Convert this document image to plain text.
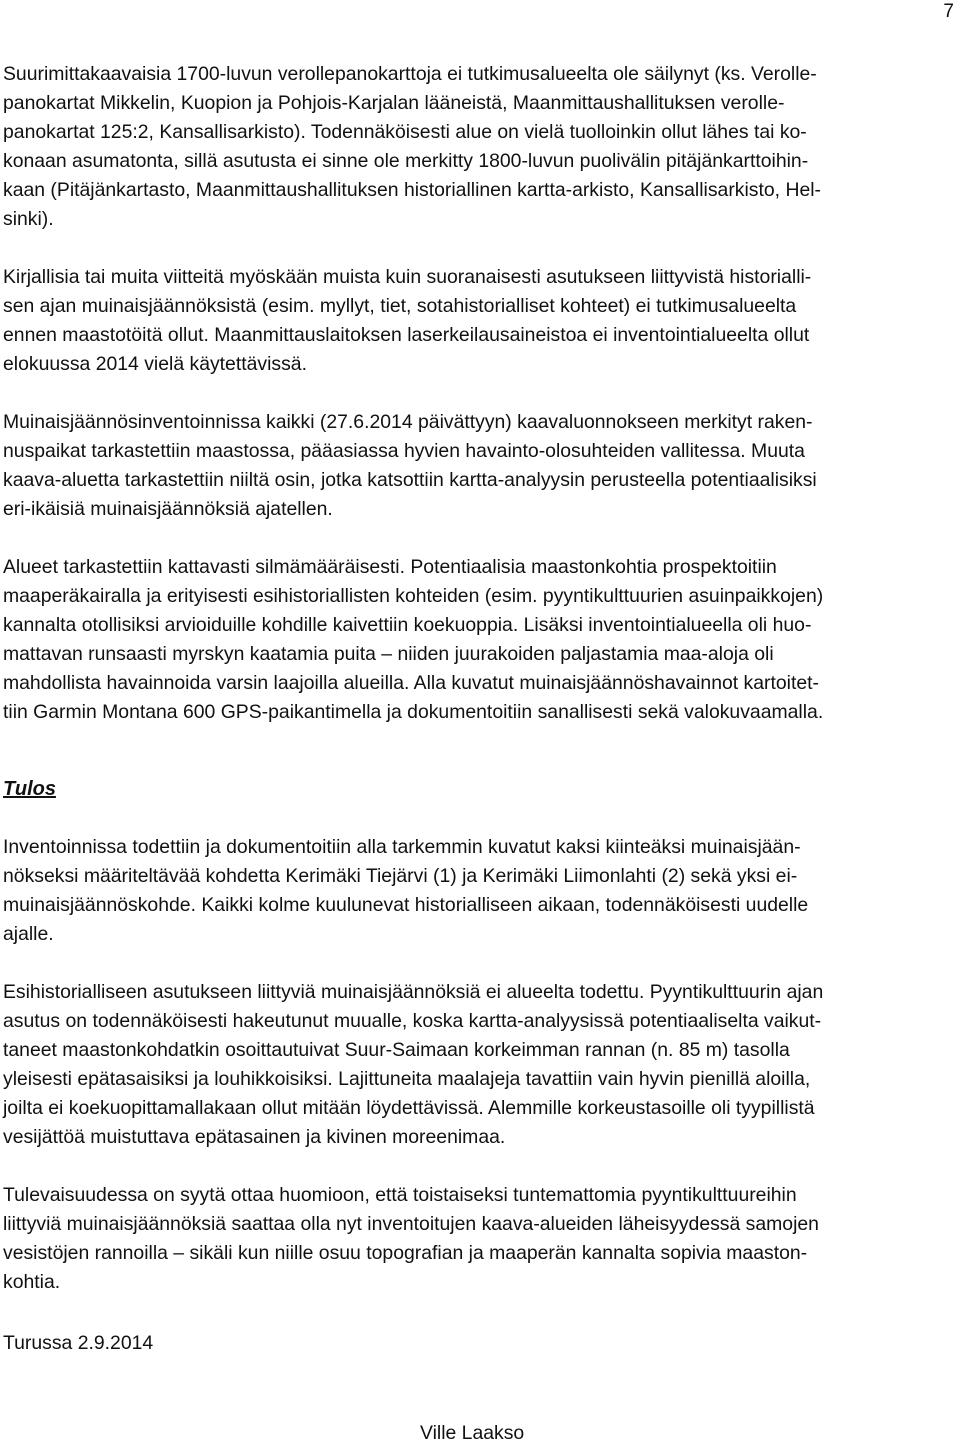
7

Suurimittakaavaisia 1700-luvun verollepanokarttoja ei tutkimusalueelta ole säilynyt (ks. Verolle-

panokartat Mikkelin, Kuopion ja Pohjois-Karjalan lääneistä, Maanmittaushallituksen verolle-

panokartat 125:2, Kansallisarkisto). Todennäköisesti alue on vielä tuolloinkin ollut lähes tai ko-

konaan asumatonta, sillä asutusta ei sinne ole merkitty 1800-luvun puolivälin pitäjänkarttoihin-

kaan (Pitäjänkartasto, Maanmittaushallituksen historiallinen kartta-arkisto, Kansallisarkisto, Hel-

sinki).

Kirjallisia tai muita viitteitä myöskään muista kuin suoranaisesti asutukseen liittyvistä historialli-

sen ajan muinaisjäännöksistä (esim. myllyt, tiet, sotahistorialliset kohteet) ei tutkimusalueelta

ennen maastotöitä ollut. Maanmittauslaitoksen laserkeilausaineistoa ei inventointialueelta ollut

elokuussa 2014 vielä käytettävissä.

Muinaisjäännösinventoinnissa kaikki (27.6.2014 päivättyyn) kaavaluonnokseen merkityt raken-

nuspaikat tarkastettiin maastossa, pääasiassa hyvien havainto-olosuhteiden vallitessa. Muuta

kaava-aluetta tarkastettiin niiltä osin, jotka katsottiin kartta-analyysin perusteella potentiaalisiksi

eri-ikäisiä muinaisjäännöksiä ajatellen.

Alueet tarkastettiin kattavasti silmämääräisesti. Potentiaalisia maastonkohtia prospektoitiin

maaperäkairalla ja erityisesti esihistoriallisten kohteiden (esim. pyyntikulttuurien asuinpaikkojen)

kannalta otollisiksi arvioiduille kohdille kaivettiin koekuoppia. Lisäksi inventointialueella oli huo-

mattavan runsaasti myrskyn kaatamia puita – niiden juurakoiden paljastamia maa-aloja oli

mahdollista havainnoida varsin laajoilla alueilla. Alla kuvatut muinaisjäännöshavainnot kartoitet-

tiin Garmin Montana 600 GPS-paikantimella ja dokumentoitiin sanallisesti sekä valokuvaamalla.

Tulos

Inventoinnissa todettiin ja dokumentoitiin alla tarkemmin kuvatut kaksi kiinteäksi muinaisjään-

nökseksi määriteltävää kohdetta Kerimäki Tiejärvi (1) ja Kerimäki Liimonlahti (2) sekä yksi ei-

muinaisjäännöskohde. Kaikki kolme kuulunevat historialliseen aikaan, todennäköisesti uudelle

ajalle.

Esihistorialliseen asutukseen liittyviä muinaisjäännöksiä ei alueelta todettu. Pyyntikulttuurin ajan

asutus on todennäköisesti hakeutunut muualle, koska kartta-analyysissä potentiaaliselta vaikut-

taneet maastonkohdatkin osoittautuivat Suur-Saimaan korkeimman rannan (n. 85 m) tasolla

yleisesti epätasaisiksi ja louhikkoisiksi. Lajittuneita maalajeja tavattiin vain hyvin pienillä aloilla,

joilta ei koekuopittamallakaan ollut mitään löydettävissä. Alemmille korkeustasoille oli tyypillistä

vesijättöä muistuttava epätasainen ja kivinen moreenimaa.

Tulevaisuudessa on syytä ottaa huomioon, että toistaiseksi tuntemattomia pyyntikulttuureihin

liittyviä muinaisjäännöksiä saattaa olla nyt inventoitujen kaava-alueiden läheisyydessä samojen

vesistöjen rannoilla – sikäli kun niille osuu topografian ja maaperän kannalta sopivia maaston-

kohtia.

Turussa 2.9.2014
Ville Laakso
